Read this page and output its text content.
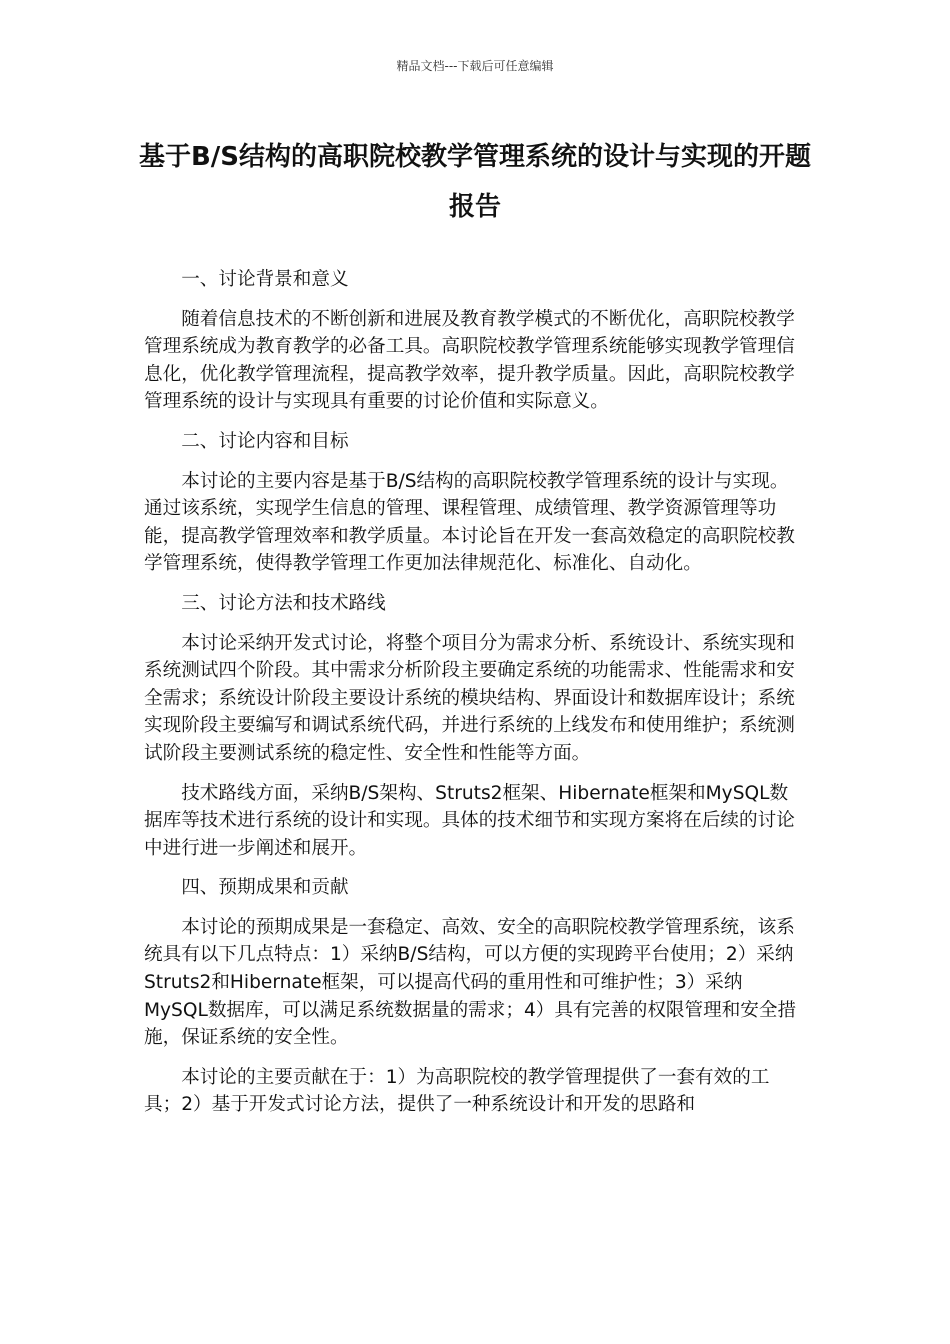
精品文档---下载后可任意编辑
基于B/S结构的高职院校教学管理系统的设计与实现的开题报告
一、讨论背景和意义

随着信息技术的不断创新和进展及教育教学模式的不断优化，高职院校教学管理系统成为教育教学的必备工具。高职院校教学管理系统能够实现教学管理信息化，优化教学管理流程，提高教学效率，提升教学质量。因此，高职院校教学管理系统的设计与实现具有重要的讨论价值和实际意义。

二、讨论内容和目标

本讨论的主要内容是基于B/S结构的高职院校教学管理系统的设计与实现。通过该系统，实现学生信息的管理、课程管理、成绩管理、教学资源管理等功能，提高教学管理效率和教学质量。本讨论旨在开发一套高效稳定的高职院校教学管理系统，使得教学管理工作更加法律规范化、标准化、自动化。

三、讨论方法和技术路线

本讨论采纳开发式讨论，将整个项目分为需求分析、系统设计、系统实现和系统测试四个阶段。其中需求分析阶段主要确定系统的功能需求、性能需求和安全需求；系统设计阶段主要设计系统的模块结构、界面设计和数据库设计；系统实现阶段主要编写和调试系统代码，并进行系统的上线发布和使用维护；系统测试阶段主要测试系统的稳定性、安全性和性能等方面。

技术路线方面，采纳B/S架构、Struts2框架、Hibernate框架和MySQL数据库等技术进行系统的设计和实现。具体的技术细节和实现方案将在后续的讨论中进行进一步阐述和展开。

四、预期成果和贡献

本讨论的预期成果是一套稳定、高效、安全的高职院校教学管理系统，该系统具有以下几点特点：1）采纳B/S结构，可以方便的实现跨平台使用；2）采纳Struts2和Hibernate框架，可以提高代码的重用性和可维护性；3）采纳MySQL数据库，可以满足系统数据量的需求；4）具有完善的权限管理和安全措施，保证系统的安全性。

本讨论的主要贡献在于：1）为高职院校的教学管理提供了一套有效的工具；2）基于开发式讨论方法，提供了一种系统设计和开发的思路和
